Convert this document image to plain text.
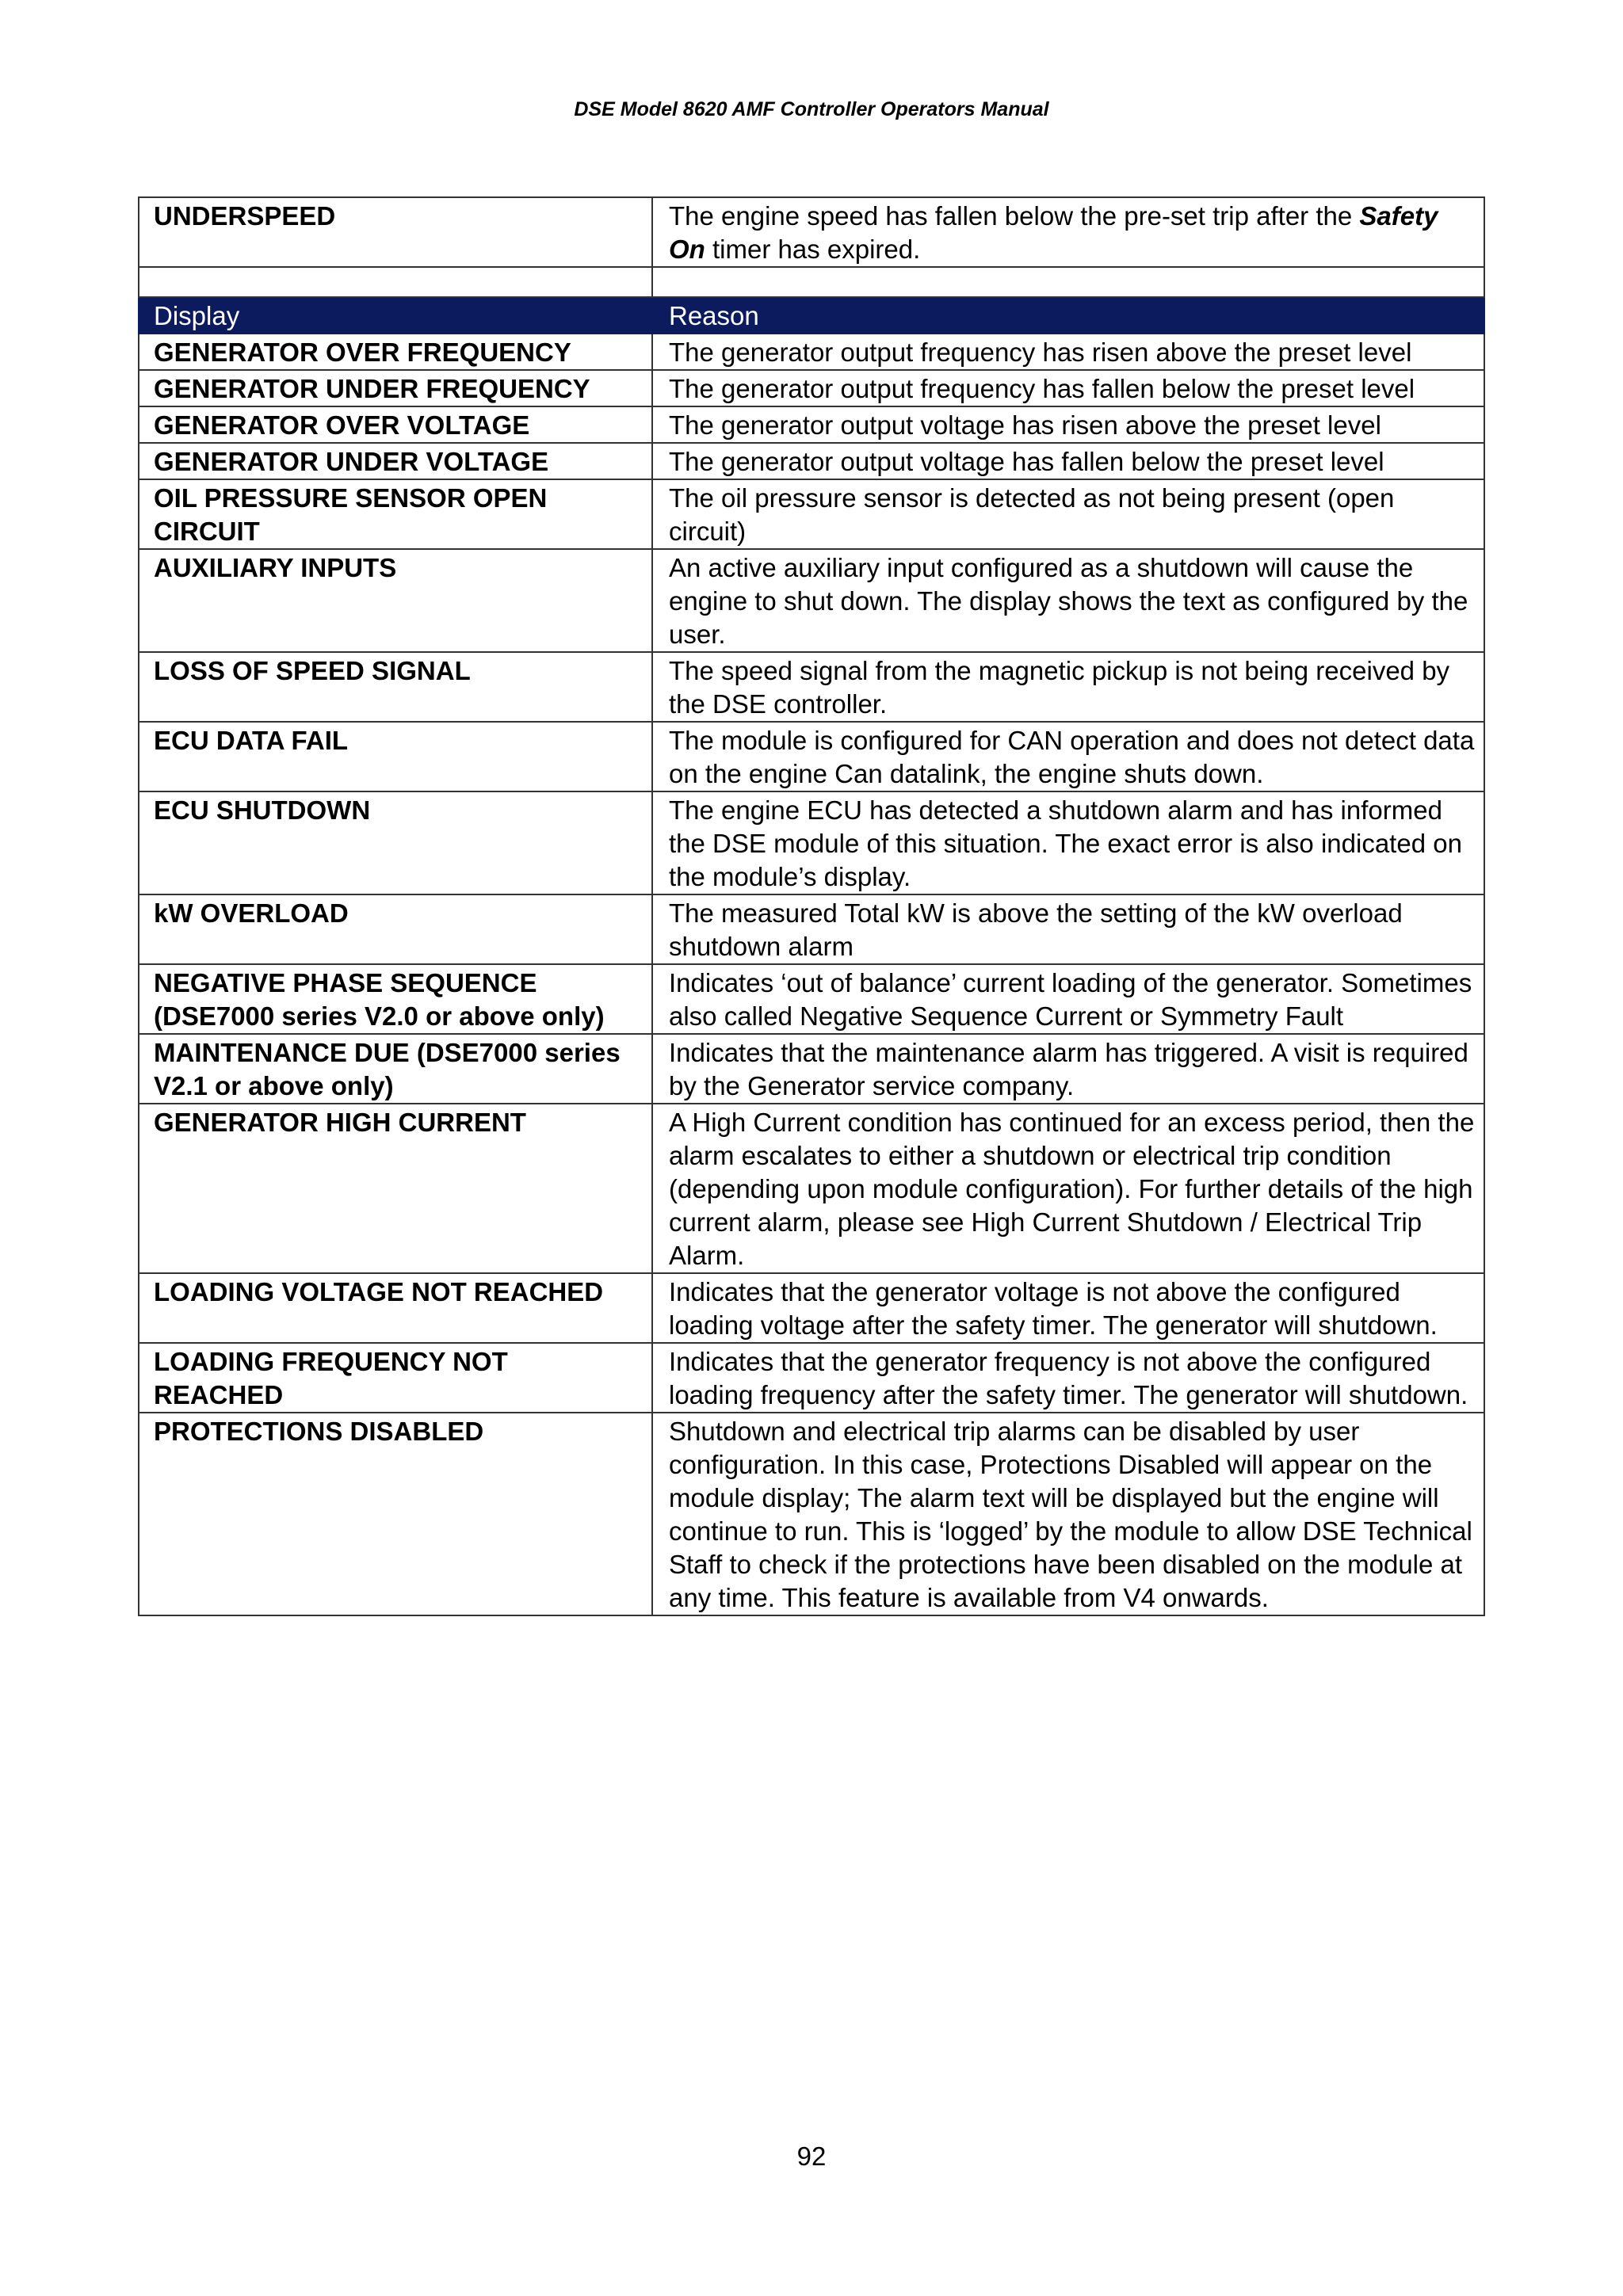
DSE Model 8620 AMF Controller Operators Manual
UNDERSPEED	The engine speed has fallen below the pre-set trip after the Safety On timer has expired.

Display	Reason
GENERATOR OVER FREQUENCY	The generator output frequency has risen above the preset level
GENERATOR UNDER FREQUENCY	The generator output frequency has fallen below the preset level
GENERATOR OVER VOLTAGE	The generator output voltage has risen above the preset level
GENERATOR UNDER VOLTAGE	The generator output voltage has fallen below the preset level
OIL PRESSURE SENSOR OPEN CIRCUIT	The oil pressure sensor is detected as not being present (open circuit)
AUXILIARY INPUTS	An active auxiliary input configured as a shutdown will cause the engine to shut down. The display shows the text as configured by the user.
LOSS OF SPEED SIGNAL	The speed signal from the magnetic pickup is not being received by the DSE controller.
ECU DATA FAIL	The module is configured for CAN operation and does not detect data on the engine Can datalink, the engine shuts down.
ECU SHUTDOWN	The engine ECU has detected a shutdown alarm and has informed the DSE module of this situation. The exact error is also indicated on the module’s display.
kW OVERLOAD	The measured Total kW is above the setting of the kW overload shutdown alarm
NEGATIVE PHASE SEQUENCE (DSE7000 series V2.0 or above only)	Indicates ‘out of balance’ current loading of the generator. Sometimes also called Negative Sequence Current or Symmetry Fault
MAINTENANCE DUE (DSE7000 series V2.1 or above only)	Indicates that the maintenance alarm has triggered. A visit is required by the Generator service company.
GENERATOR HIGH CURRENT	A High Current condition has continued for an excess period, then the alarm escalates to either a shutdown or electrical trip condition (depending upon module configuration). For further details of the high current alarm, please see High Current Shutdown / Electrical Trip Alarm.
LOADING VOLTAGE NOT REACHED	Indicates that the generator voltage is not above the configured loading voltage after the safety timer. The generator will shutdown.
LOADING FREQUENCY NOT REACHED	Indicates that the generator frequency is not above the configured loading frequency after the safety timer. The generator will shutdown.
PROTECTIONS DISABLED	Shutdown and electrical trip alarms can be disabled by user configuration. In this case, Protections Disabled will appear on the module display; The alarm text will be displayed but the engine will continue to run. This is ‘logged’ by the module to allow DSE Technical Staff to check if the protections have been disabled on the module at any time. This feature is available from V4 onwards.
92
